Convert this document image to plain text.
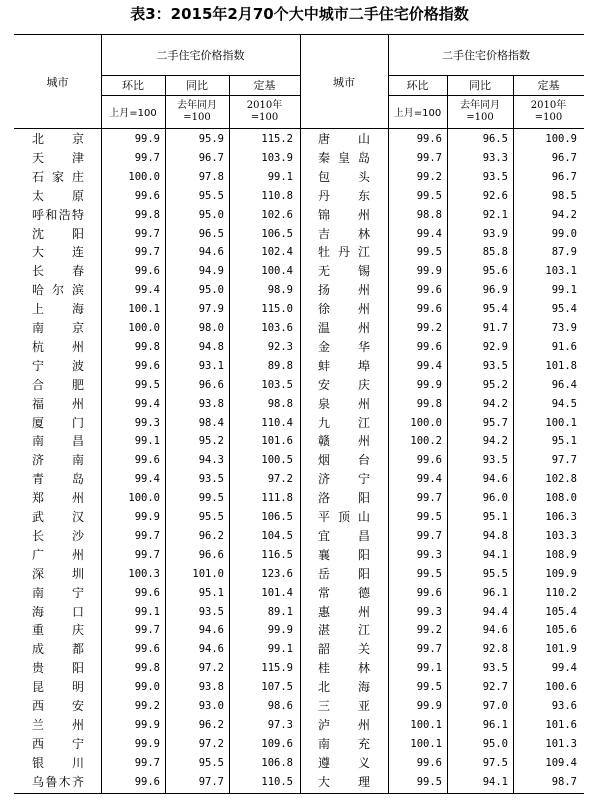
表3：2015年2月70个大中城市二手住宅价格指数
城市
二手住宅价格指数
环比	同比	定基
上月=100
去年同月=100
2010年=100
城市
二手住宅价格指数
环比	同比	定基
上月=100
去年同月=100
2010年=100
北京	99.9	95.9	115.2 唐山	99.6	96.5	100.9
天津	99.7	96.7	103.9 秦皇岛	99.7	93.3	96.7
石家庄	100.0	97.8	99.1 包头	99.2	93.5	96.7
太原	99.6	95.5	110.8 丹东	99.5	92.6	98.5
呼和浩特	99.8	95.0	102.6 锦州	98.8	92.1	94.2
沈阳	99.7	96.5	106.5 吉林	99.4	93.9	99.0
大连	99.7	94.6	102.4 牡丹江	99.5	85.8	87.9
长春	99.6	94.9	100.4 无锡	99.9	95.6	103.1
哈尔滨	99.4	95.0	98.9 扬州	99.6	96.9	99.1
上海	100.1	97.9	115.0 徐州	99.6	95.4	95.4
南京	100.0	98.0	103.6 温州	99.2	91.7	73.9
杭州	99.8	94.8	92.3 金华	99.6	92.9	91.6
宁波	99.6	93.1	89.8 蚌埠	99.4	93.5	101.8
合肥	99.5	96.6	103.5 安庆	99.9	95.2	96.4
福州	99.4	93.8	98.8 泉州	99.8	94.2	94.5
厦门	99.3	98.4	110.4 九江	100.0	95.7	100.1
南昌	99.1	95.2	101.6 赣州	100.2	94.2	95.1
济南	99.6	94.3	100.5 烟台	99.6	93.5	97.7
青岛	99.4	93.5	97.2 济宁	99.4	94.6	102.8
郑州	100.0	99.5	111.8 洛阳	99.7	96.0	108.0
武汉	99.9	95.5	106.5 平顶山	99.5	95.1	106.3
长沙	99.7	96.2	104.5 宜昌	99.7	94.8	103.3
广州	99.7	96.6	116.5 襄阳	99.3	94.1	108.9
深圳	100.3	101.0	123.6 岳阳	99.5	95.5	109.9
南宁	99.6	95.1	101.4 常德	99.6	96.1	110.2
海口	99.1	93.5	89.1 惠州	99.3	94.4	105.4
重庆	99.7	94.6	99.9 湛江	99.2	94.6	105.6
成都	99.6	94.6	99.1 韶关	99.7	92.8	101.9
贵阳	99.8	97.2	115.9 桂林	99.1	93.5	99.4
昆明	99.0	93.8	107.5 北海	99.5	92.7	100.6
西安	99.2	93.0	98.6 三亚	99.9	97.0	93.6
兰州	99.9	96.2	97.3 泸州	100.1	96.1	101.6
西宁	99.9	97.2	109.6 南充	100.1	95.0	101.3
银川	99.7	95.5	106.8 遵义	99.6	97.5	109.4
乌鲁木齐	99.6	97.7	110.5 大理	99.5	94.1	98.7
